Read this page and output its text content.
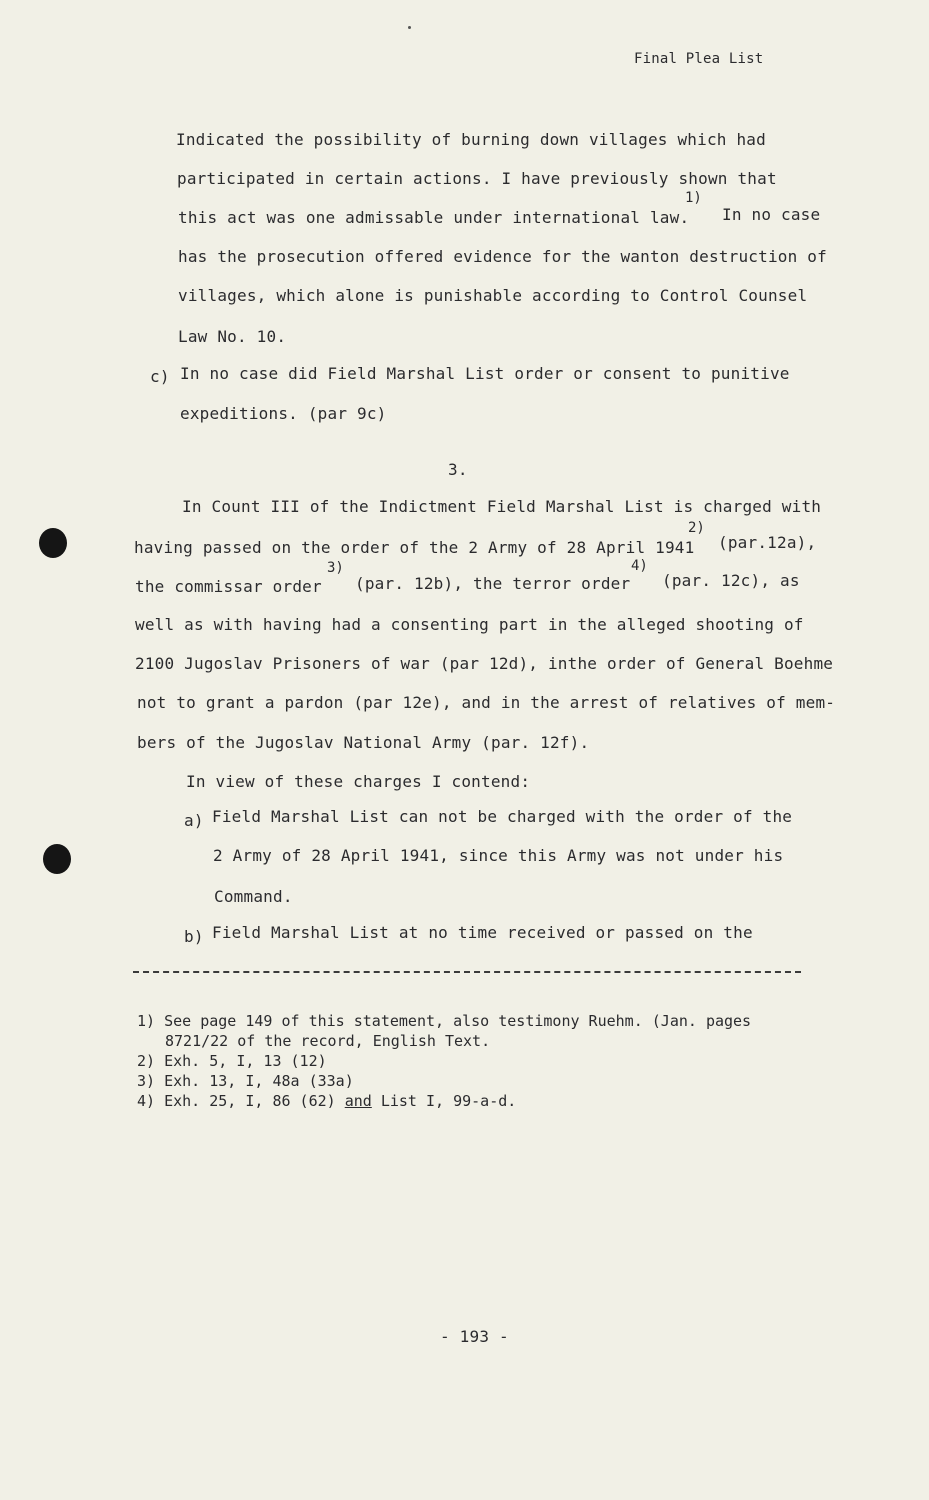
Final Plea List
Indicated the possibility of burning down villages which had
participated in certain actions. I have previously shown that
this act was one admissable under international law.
1)
In no case
has the prosecution offered evidence for the wanton destruction of
villages, which alone is punishable according to Control Counsel
Law No. 10.
c) In no case did Field Marshal List order or consent to punitive
expeditions. (par 9c)
3.
In Count III of the Indictment Field Marshal List is charged with
having passed on the order of the 2 Army of 28 April 1941
2)
(par.12a),
the commissar order
3)
(par. 12b), the terror order
4)
(par. 12c), as
well as with having had a consenting part in the alleged shooting of
2100 Jugoslav Prisoners of war (par 12d), inthe order of General Boehme
not to grant a pardon (par 12e), and in the arrest of relatives of mem-
bers of the Jugoslav National Army (par. 12f).
In view of these charges I contend:
a) Field Marshal List can not be charged with the order of the
2 Army of 28 April 1941, since this Army was not under his
Command.
b) Field Marshal List at no time received or passed on the
1) See page 149 of this statement, also testimony Ruehm. (Jan. pages
8721/22 of the record, English Text.
2) Exh. 5, I, 13 (12)
3) Exh. 13, I, 48a (33a)
4) Exh. 25, I, 86 (62) and List I, 99-a-d.
- 193 -
